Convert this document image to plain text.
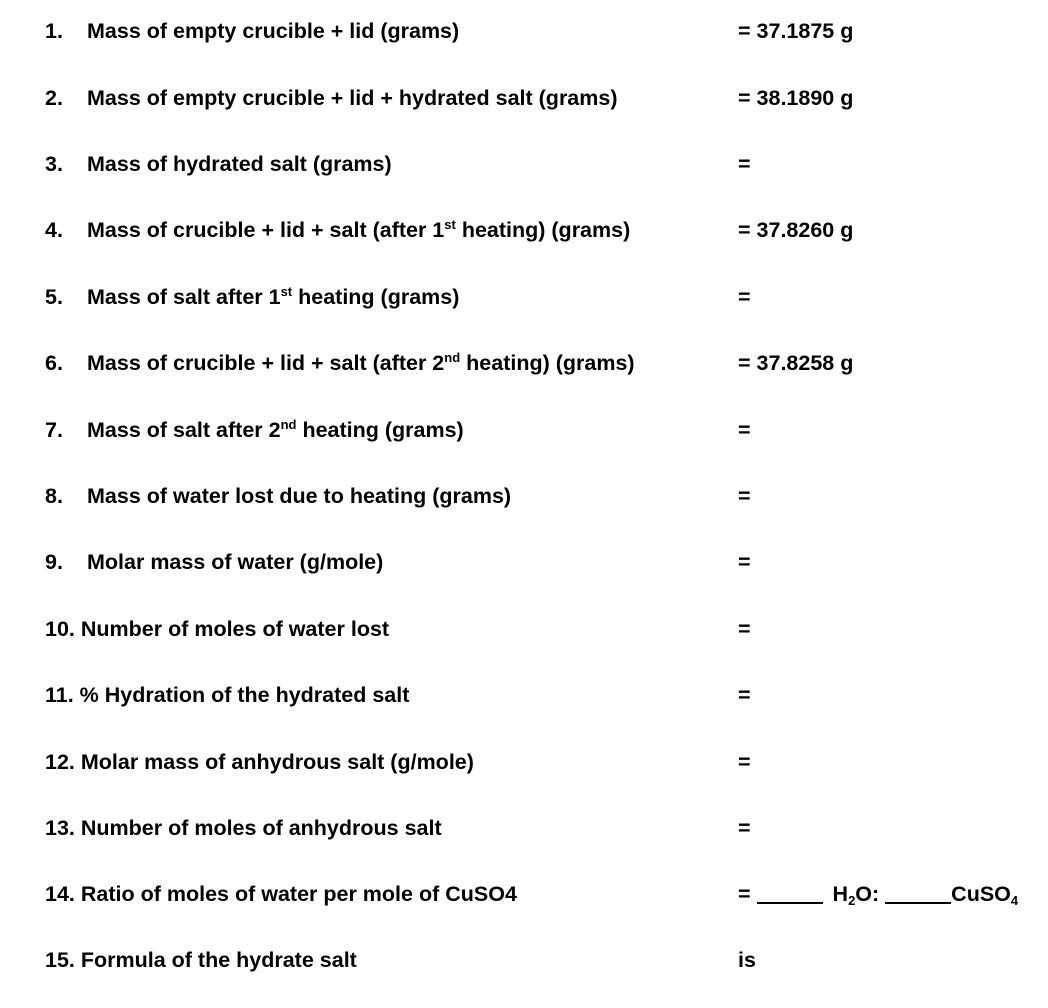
1. Mass of empty crucible + lid (grams)	= 37.1875 g
2. Mass of empty crucible + lid + hydrated salt (grams)	= 38.1890 g
3. Mass of hydrated salt (grams)	=
4. Mass of crucible + lid + salt (after 1st heating) (grams)	= 37.8260 g
5. Mass of salt after 1st heating (grams)	=
6. Mass of crucible + lid + salt (after 2nd heating) (grams)	= 37.8258 g
7. Mass of salt after 2nd heating (grams)	=
8. Mass of water lost due to heating (grams)	=
9. Molar mass of water (g/mole)	=
10. Number of moles of water lost	=
11. % Hydration of the hydrated salt	=
12. Molar mass of anhydrous salt (g/mole)	=
13. Number of moles of anhydrous salt	=
14. Ratio of moles of water per mole of CuSO4	=	$H_2O$:	CuSO$_4$
15. Formula of the hydrate salt	is
